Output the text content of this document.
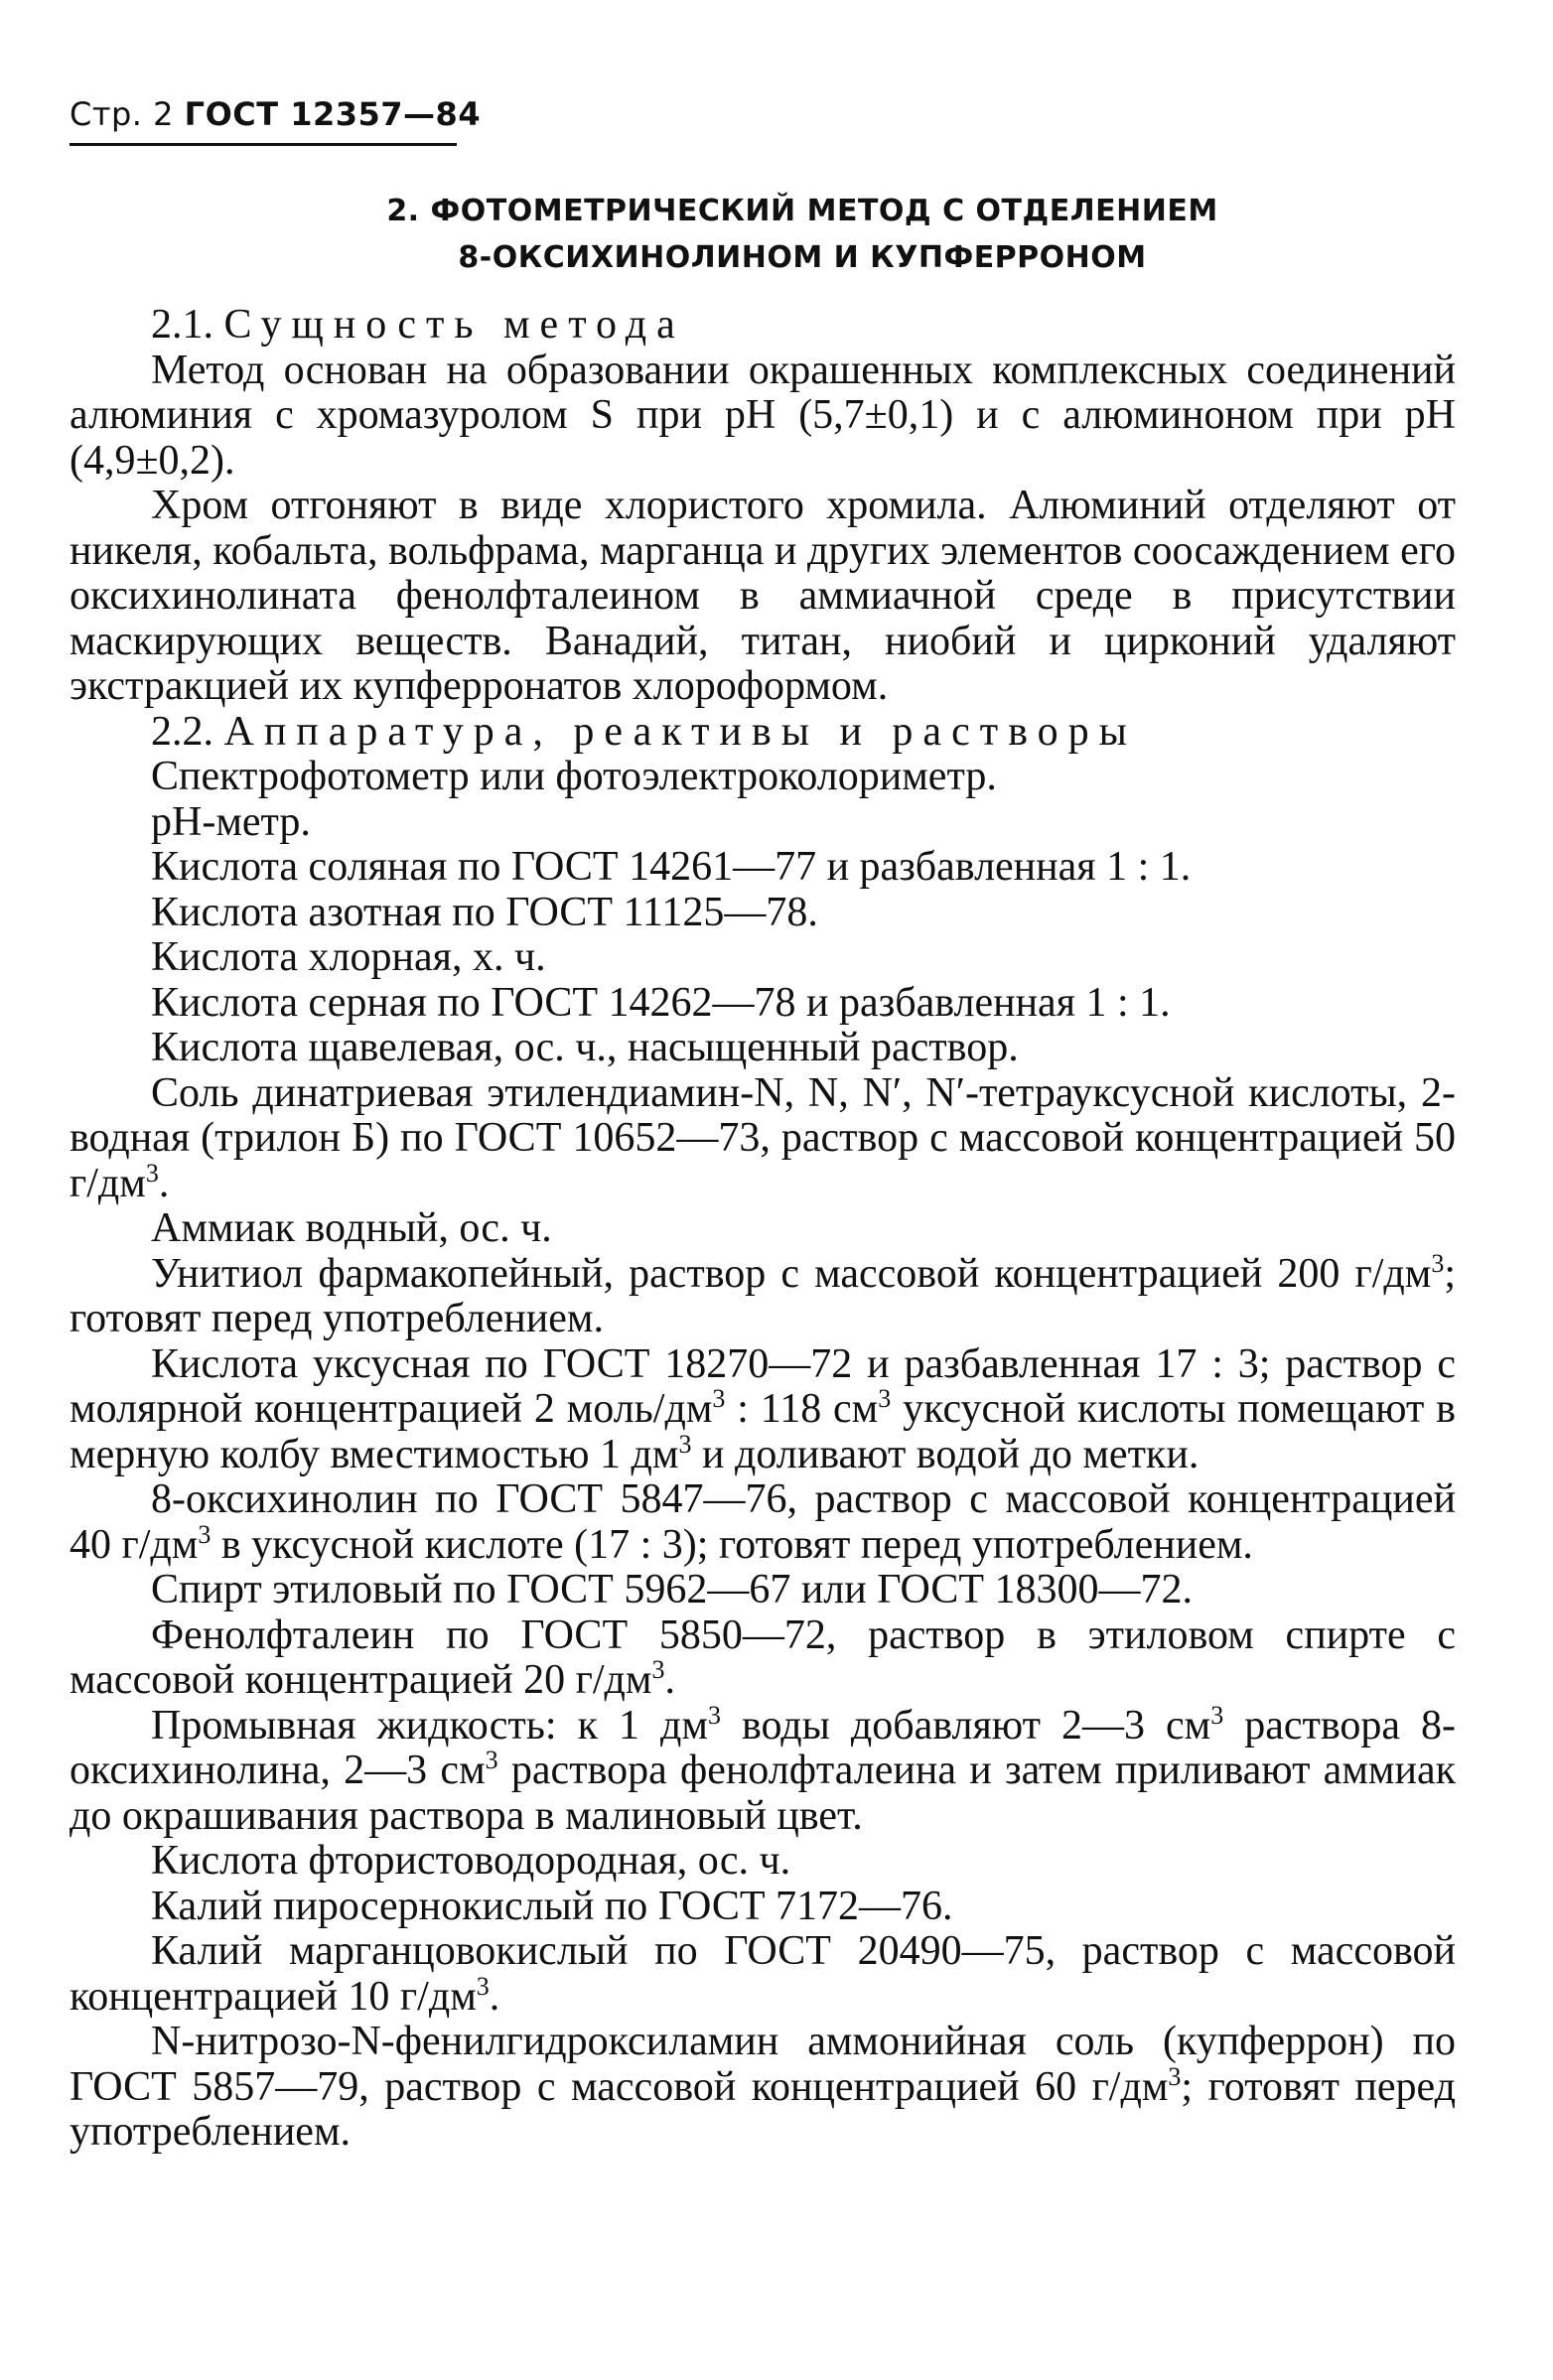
Стр. 2 ГОСТ 12357—84
2. ФОТОМЕТРИЧЕСКИЙ МЕТОД С ОТДЕЛЕНИЕМ
8-ОКСИХИНОЛИНОМ И КУПФЕРРОНОМ

2.1. Сущность метода

Метод основан на образовании окрашенных комплексных соединений алюминия с хромазуролом S при pH (5,7±0,1) и с алюминоном при pH (4,9±0,2).

Хром отгоняют в виде хлористого хромила. Алюминий отделяют от никеля, кобальта, вольфрама, марганца и других элементов соосаждением его оксихинолината фенолфталеином в аммиачной среде в присутствии маскирующих веществ. Ванадий, титан, ниобий и цирконий удаляют экстракцией их купферронатов хлороформом.

2.2. Аппаратура, реактивы и растворы

Спектрофотометр или фотоэлектроколориметр.

pH-метр.

Кислота соляная по ГОСТ 14261—77 и разбавленная 1 : 1.

Кислота азотная по ГОСТ 11125—78.

Кислота хлорная, х. ч.

Кислота серная по ГОСТ 14262—78 и разбавленная 1 : 1.

Кислота щавелевая, ос. ч., насыщенный раствор.

Соль динатриевая этилендиамин-N, N, N′, N′-тетрауксусной кислоты, 2-водная (трилон Б) по ГОСТ 10652—73, раствор с массовой концентрацией 50 $г/дм^3$.

Аммиак водный, ос. ч.

Унитиол фармакопейный, раствор с массовой концентрацией 200 $г/дм^3$; готовят перед употреблением.

Кислота уксусная по ГОСТ 18270—72 и разбавленная 17 : 3; раствор с молярной концентрацией 2 моль/$дм^3$ : 118 $см^3$ уксусной кислоты помещают в мерную колбу вместимостью 1 $дм^3$ и доливают водой до метки.

8-оксихинолин по ГОСТ 5847—76, раствор с массовой концентрацией 40 $г/дм^3$ в уксусной кислоте (17 : 3); готовят перед употреблением.

Спирт этиловый по ГОСТ 5962—67 или ГОСТ 18300—72.

Фенолфталеин по ГОСТ 5850—72, раствор в этиловом спирте с массовой концентрацией 20 $г/дм^3$.

Промывная жидкость: к 1 $дм^3$ воды добавляют 2—3 $см^3$ раствора 8-оксихинолина, 2—3 $см^3$ раствора фенолфталеина и затем приливают аммиак до окрашивания раствора в малиновый цвет.

Кислота фтористоводородная, ос. ч.

Калий пиросернокислый по ГОСТ 7172—76.

Калий марганцовокислый по ГОСТ 20490—75, раствор с массовой концентрацией 10 $г/дм^3$.

N-нитрозо-N-фенилгидроксиламин аммонийная соль (купферрон) по ГОСТ 5857—79, раствор с массовой концентрацией 60 $г/дм^3$; готовят перед употреблением.
